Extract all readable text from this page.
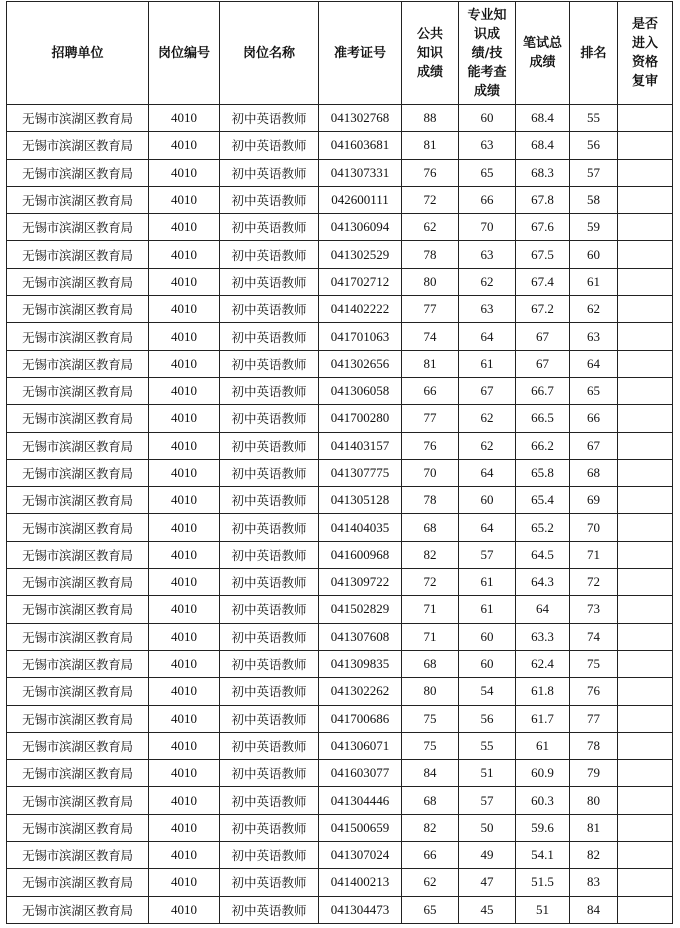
招聘单位	岗位编号	岗位名称	准考证号	公共知识成绩	专业知识成绩/技能考查成绩	笔试总成绩	排名	是否进入资格复审
无锡市滨湖区教育局	4010	初中英语教师	041302768	88	60	68.4	55	
无锡市滨湖区教育局	4010	初中英语教师	041603681	81	63	68.4	56	
无锡市滨湖区教育局	4010	初中英语教师	041307331	76	65	68.3	57	
无锡市滨湖区教育局	4010	初中英语教师	042600111	72	66	67.8	58	
无锡市滨湖区教育局	4010	初中英语教师	041306094	62	70	67.6	59	
无锡市滨湖区教育局	4010	初中英语教师	041302529	78	63	67.5	60	
无锡市滨湖区教育局	4010	初中英语教师	041702712	80	62	67.4	61	
无锡市滨湖区教育局	4010	初中英语教师	041402222	77	63	67.2	62	
无锡市滨湖区教育局	4010	初中英语教师	041701063	74	64	67	63	
无锡市滨湖区教育局	4010	初中英语教师	041302656	81	61	67	64	
无锡市滨湖区教育局	4010	初中英语教师	041306058	66	67	66.7	65	
无锡市滨湖区教育局	4010	初中英语教师	041700280	77	62	66.5	66	
无锡市滨湖区教育局	4010	初中英语教师	041403157	76	62	66.2	67	
无锡市滨湖区教育局	4010	初中英语教师	041307775	70	64	65.8	68	
无锡市滨湖区教育局	4010	初中英语教师	041305128	78	60	65.4	69	
无锡市滨湖区教育局	4010	初中英语教师	041404035	68	64	65.2	70	
无锡市滨湖区教育局	4010	初中英语教师	041600968	82	57	64.5	71	
无锡市滨湖区教育局	4010	初中英语教师	041309722	72	61	64.3	72	
无锡市滨湖区教育局	4010	初中英语教师	041502829	71	61	64	73	
无锡市滨湖区教育局	4010	初中英语教师	041307608	71	60	63.3	74	
无锡市滨湖区教育局	4010	初中英语教师	041309835	68	60	62.4	75	
无锡市滨湖区教育局	4010	初中英语教师	041302262	80	54	61.8	76	
无锡市滨湖区教育局	4010	初中英语教师	041700686	75	56	61.7	77	
无锡市滨湖区教育局	4010	初中英语教师	041306071	75	55	61	78	
无锡市滨湖区教育局	4010	初中英语教师	041603077	84	51	60.9	79	
无锡市滨湖区教育局	4010	初中英语教师	041304446	68	57	60.3	80	
无锡市滨湖区教育局	4010	初中英语教师	041500659	82	50	59.6	81	
无锡市滨湖区教育局	4010	初中英语教师	041307024	66	49	54.1	82	
无锡市滨湖区教育局	4010	初中英语教师	041400213	62	47	51.5	83	
无锡市滨湖区教育局	4010	初中英语教师	041304473	65	45	51	84	
